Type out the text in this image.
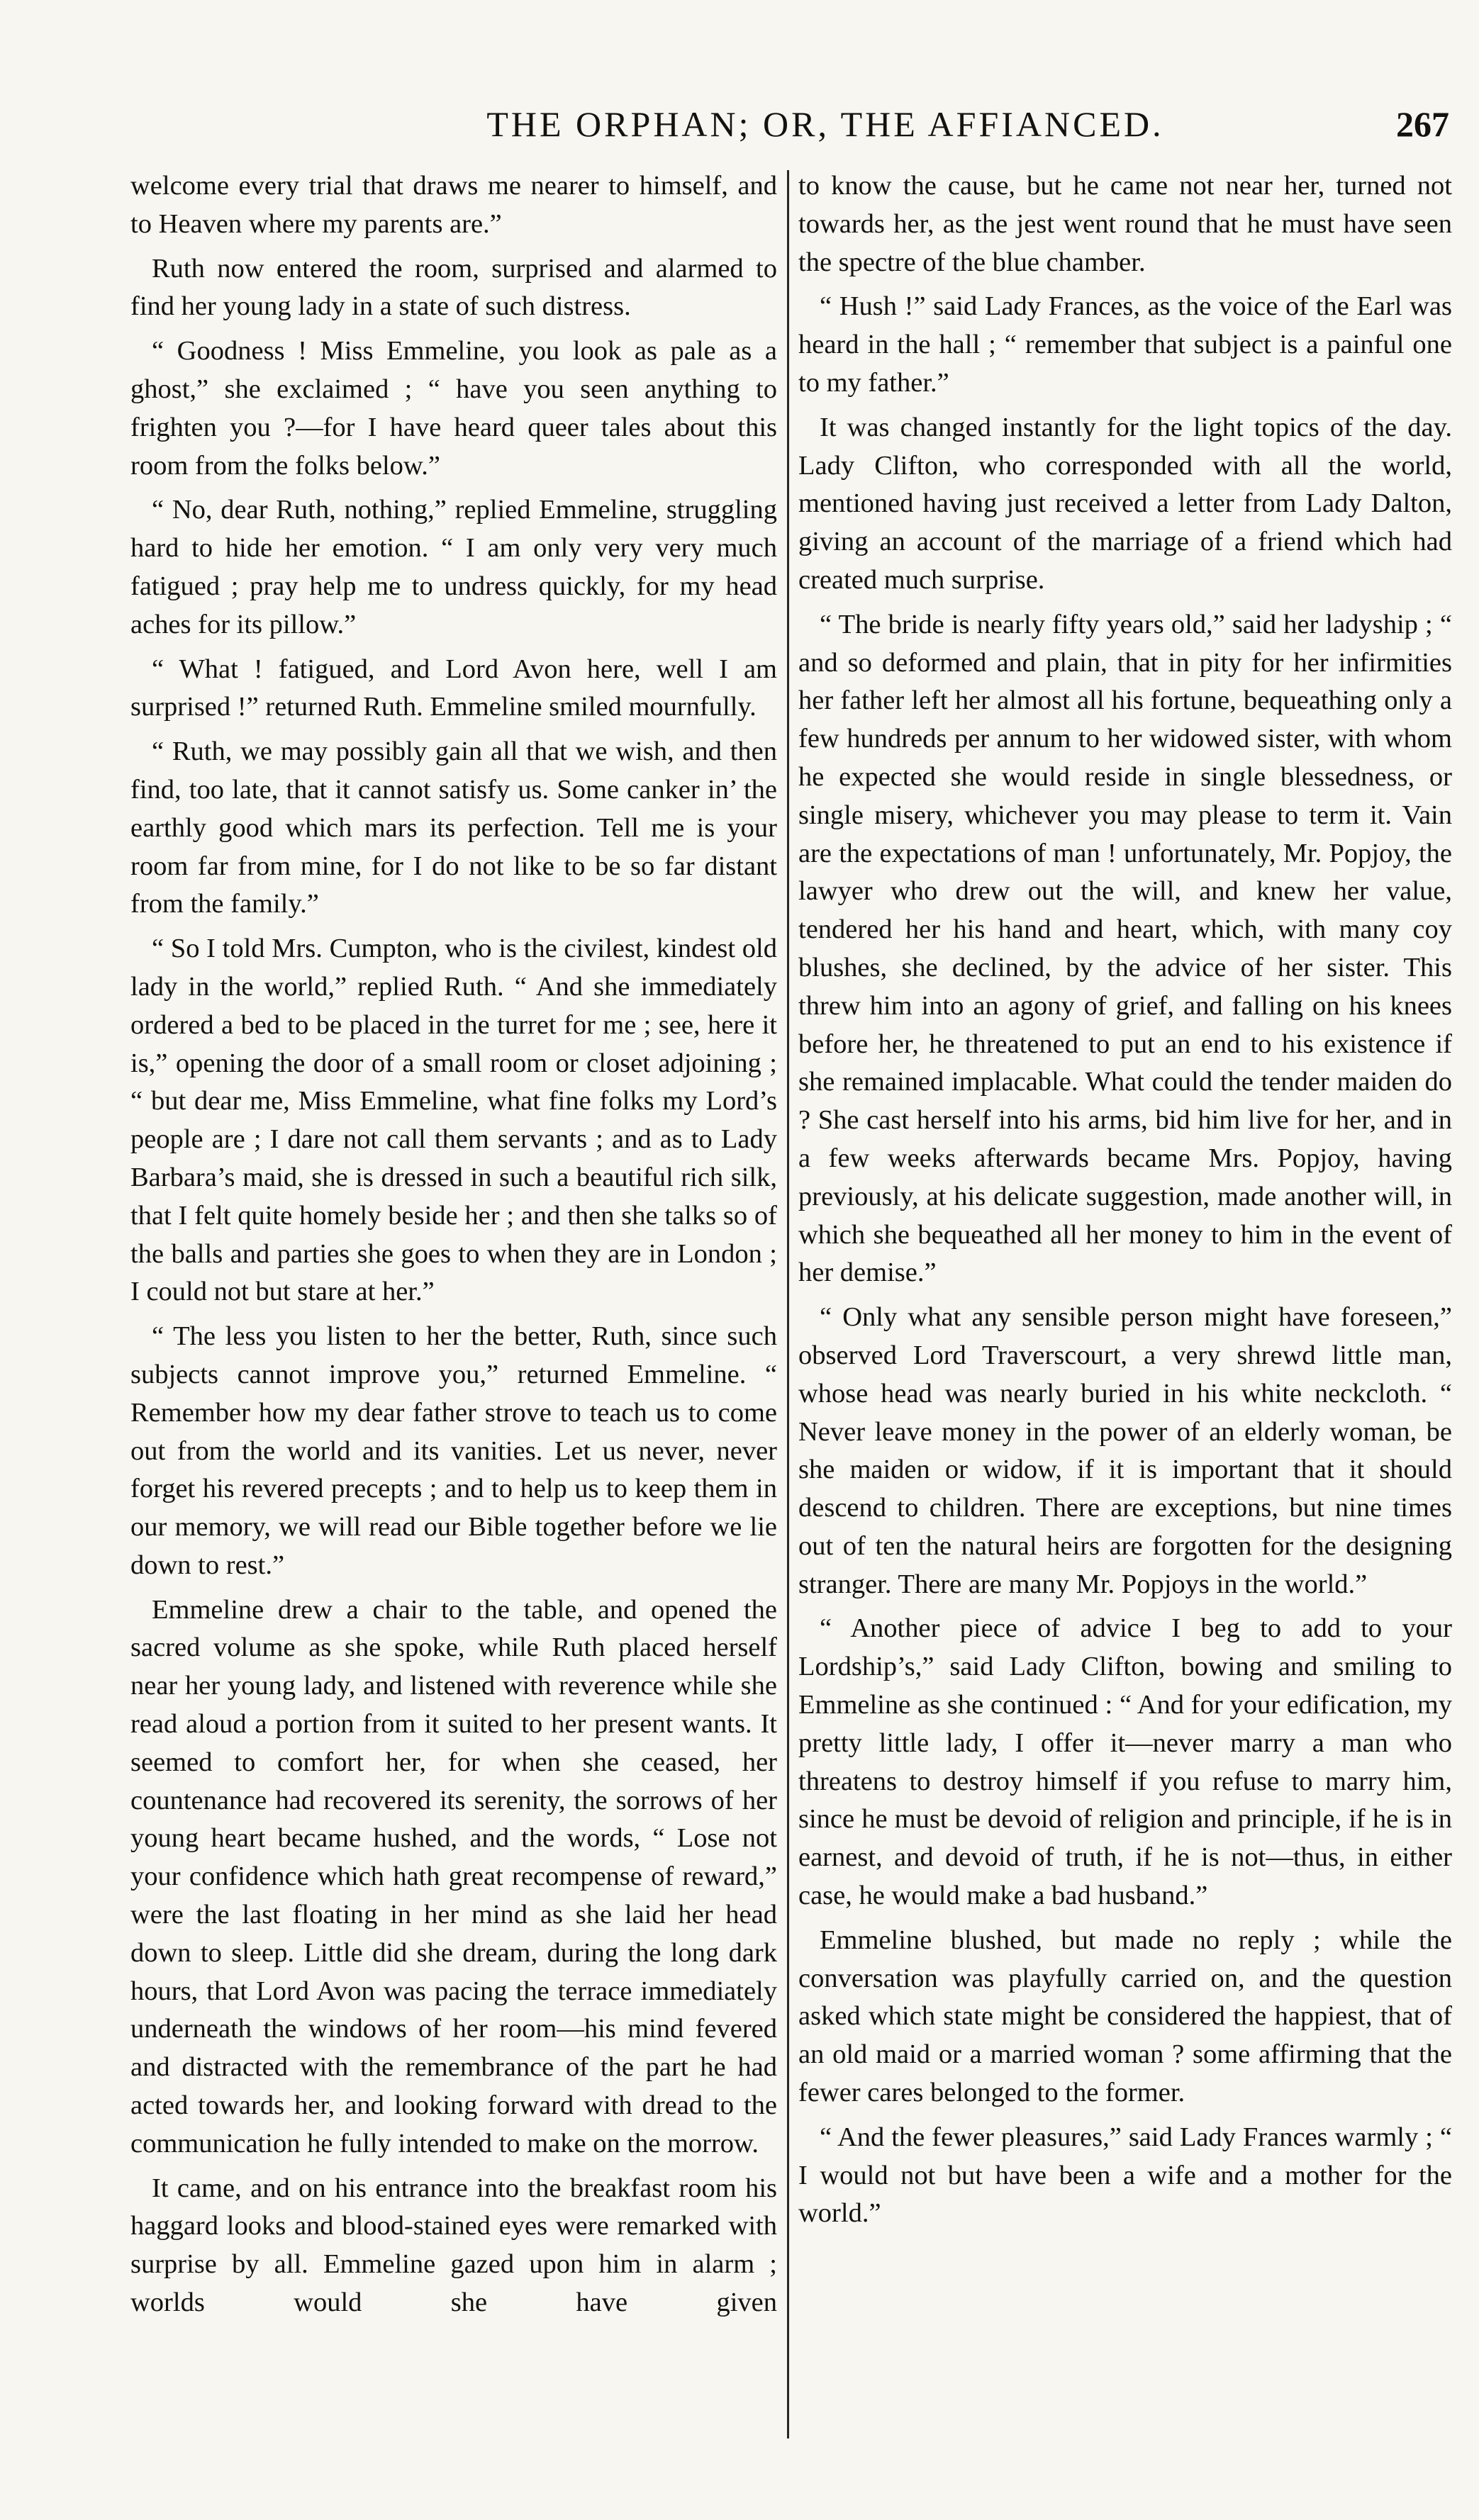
THE ORPHAN; OR, THE AFFIANCED.	267

welcome every trial that draws me nearer to himself, and to Heaven where my parents are.”

Ruth now entered the room, surprised and alarmed to find her young lady in a state of such distress.

“ Goodness ! Miss Emmeline, you look as pale as a ghost,” she exclaimed ; “ have you seen anything to frighten you ?—for I have heard queer tales about this room from the folks below.”

“ No, dear Ruth, nothing,” replied Emmeline, struggling hard to hide her emotion. “ I am only very very much fatigued ; pray help me to undress quickly, for my head aches for its pillow.”

“ What ! fatigued, and Lord Avon here, well I am surprised !” returned Ruth. Emmeline smiled mournfully.

“ Ruth, we may possibly gain all that we wish, and then find, too late, that it cannot satisfy us. Some canker in’ the earthly good which mars its perfection. Tell me is your room far from mine, for I do not like to be so far distant from the family.”

“ So I told Mrs. Cumpton, who is the civilest, kindest old lady in the world,” replied Ruth. “ And she immediately ordered a bed to be placed in the turret for me ; see, here it is,” opening the door of a small room or closet adjoining ; “ but dear me, Miss Emmeline, what fine folks my Lord’s people are ; I dare not call them servants ; and as to Lady Barbara’s maid, she is dressed in such a beautiful rich silk, that I felt quite homely beside her ; and then she talks so of the balls and parties she goes to when they are in London ; I could not but stare at her.”

“ The less you listen to her the better, Ruth, since such subjects cannot improve you,” returned Emmeline. “ Remember how my dear father strove to teach us to come out from the world and its vanities. Let us never, never forget his revered precepts ; and to help us to keep them in our memory, we will read our Bible together before we lie down to rest.”

Emmeline drew a chair to the table, and opened the sacred volume as she spoke, while Ruth placed herself near her young lady, and listened with reverence while she read aloud a portion from it suited to her present wants. It seemed to comfort her, for when she ceased, her countenance had recovered its serenity, the sorrows of her young heart became hushed, and the words, “ Lose not your confidence which hath great recompense of reward,” were the last floating in her mind as she laid her head down to sleep. Little did she dream, during the long dark hours, that Lord Avon was pacing the terrace immediately underneath the windows of her room—his mind fevered and distracted with the remembrance of the part he had acted towards her, and looking forward with dread to the communication he fully intended to make on the morrow.

It came, and on his entrance into the breakfast room his haggard looks and blood-stained eyes were remarked with surprise by all. Emmeline gazed upon him in alarm ; worlds would she have given

to know the cause, but he came not near her, turned not towards her, as the jest went round that he must have seen the spectre of the blue chamber.

“ Hush !” said Lady Frances, as the voice of the Earl was heard in the hall ; “ remember that subject is a painful one to my father.”

It was changed instantly for the light topics of the day. Lady Clifton, who corresponded with all the world, mentioned having just received a letter from Lady Dalton, giving an account of the marriage of a friend which had created much surprise.

“ The bride is nearly fifty years old,” said her ladyship ; “ and so deformed and plain, that in pity for her infirmities her father left her almost all his fortune, bequeathing only a few hundreds per annum to her widowed sister, with whom he expected she would reside in single blessedness, or single misery, whichever you may please to term it. Vain are the expectations of man ! unfortunately, Mr. Popjoy, the lawyer who drew out the will, and knew her value, tendered her his hand and heart, which, with many coy blushes, she declined, by the advice of her sister. This threw him into an agony of grief, and falling on his knees before her, he threatened to put an end to his existence if she remained implacable. What could the tender maiden do ? She cast herself into his arms, bid him live for her, and in a few weeks afterwards became Mrs. Popjoy, having previously, at his delicate suggestion, made another will, in which she bequeathed all her money to him in the event of her demise.”

“ Only what any sensible person might have foreseen,” observed Lord Traverscourt, a very shrewd little man, whose head was nearly buried in his white neckcloth. “ Never leave money in the power of an elderly woman, be she maiden or widow, if it is important that it should descend to children. There are exceptions, but nine times out of ten the natural heirs are forgotten for the designing stranger. There are many Mr. Popjoys in the world.”

“ Another piece of advice I beg to add to your Lordship’s,” said Lady Clifton, bowing and smiling to Emmeline as she continued : “ And for your edification, my pretty little lady, I offer it—never marry a man who threatens to destroy himself if you refuse to marry him, since he must be devoid of religion and principle, if he is in earnest, and devoid of truth, if he is not—thus, in either case, he would make a bad husband.”

Emmeline blushed, but made no reply ; while the conversation was playfully carried on, and the question asked which state might be considered the happiest, that of an old maid or a married woman ? some affirming that the fewer cares belonged to the former.

“ And the fewer pleasures,” said Lady Frances warmly ; “ I would not but have been a wife and a mother for the world.”
